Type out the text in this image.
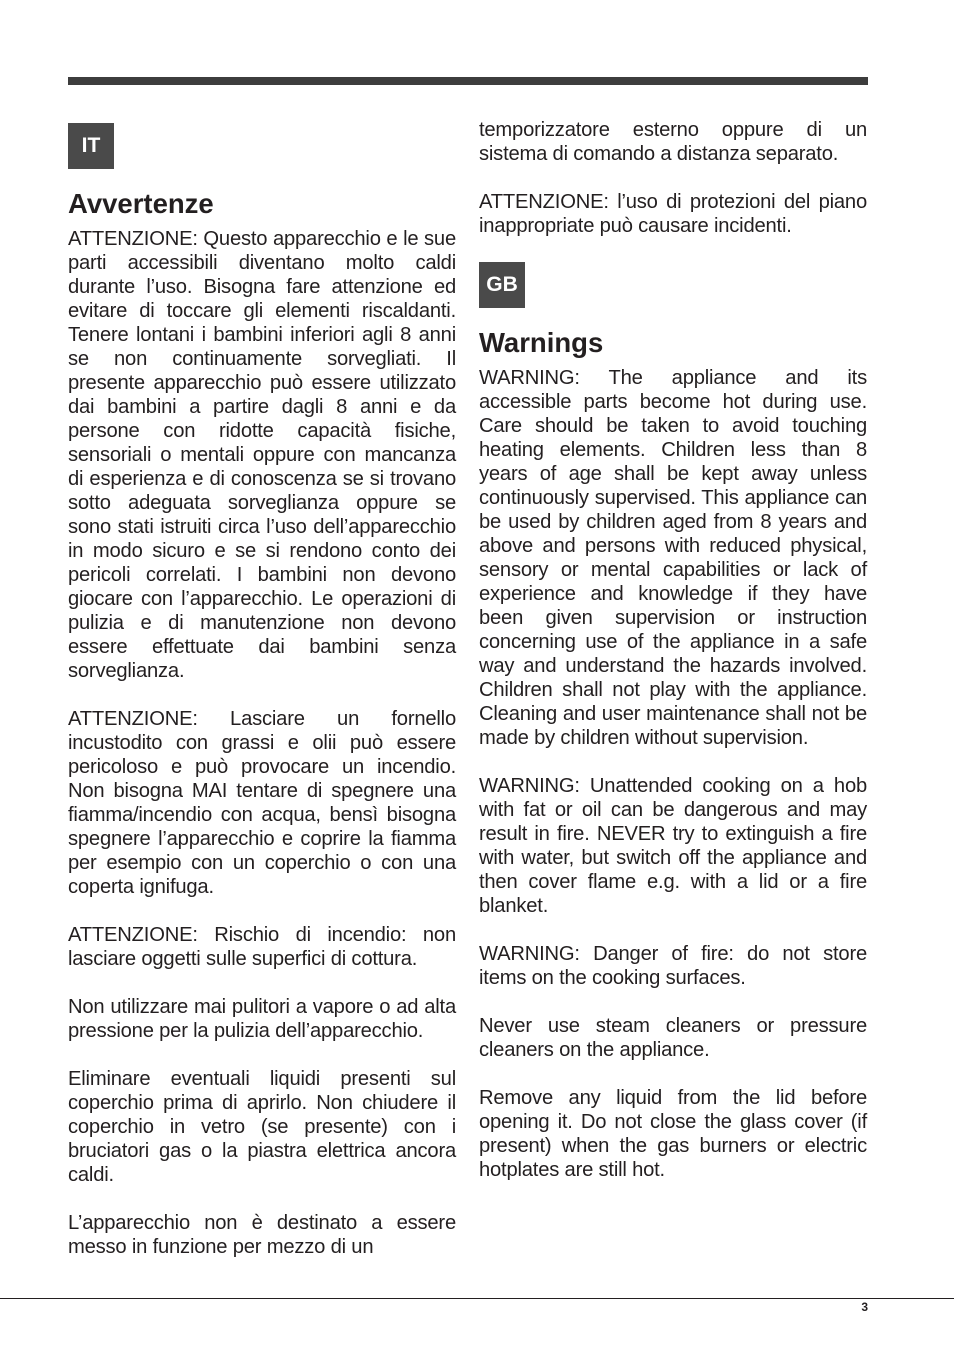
IT
Avvertenze

ATTENZIONE: Questo apparecchio e le sue parti accessibili diventano molto caldi durante l’uso. Bisogna fare attenzione ed evitare di toccare gli elementi riscaldanti. Tenere lontani i bambini inferiori agli 8 anni se non continuamente sorvegliati. Il presente apparecchio può essere utilizzato dai bambini a partire dagli 8 anni e da persone con ridotte capacità fisiche, sensoriali o mentali oppure con mancanza di esperienza e di conoscenza se si trovano sotto adeguata sorveglianza oppure se sono stati istruiti circa l’uso dell’apparecchio in modo sicuro e se si rendono conto dei pericoli correlati. I bambini non devono giocare con l’apparecchio. Le operazioni di pulizia e di manutenzione non devono essere effettuate dai bambini senza sorveglianza.

ATTENZIONE: Lasciare un fornello incustodito con grassi e olii può essere pericoloso e può provocare un incendio. Non bisogna MAI tentare di spegnere una fiamma/incendio con acqua, bensì bisogna spegnere l’apparecchio e coprire la fiamma per esempio con un coperchio o con una coperta ignifuga.

ATTENZIONE: Rischio di incendio: non lasciare oggetti sulle superfici di cottura.

Non utilizzare mai pulitori a vapore o ad alta pressione per la pulizia dell’apparecchio.

Eliminare eventuali liquidi presenti sul coperchio prima di aprirlo. Non chiudere il coperchio in vetro (se presente) con i bruciatori gas o la piastra elettrica ancora caldi.

L’apparecchio non è destinato a essere messo in funzione per mezzo di un

temporizzatore esterno oppure di un sistema di comando a distanza separato.

ATTENZIONE: l’uso di protezioni del piano inappropriate può causare incidenti.

GB
Warnings

WARNING: The appliance and its accessible parts become hot during use. Care should be taken to avoid touching heating elements. Children less than 8 years of age shall be kept away unless continuously supervised. This appliance can be used by children aged from 8 years and above and persons with reduced physical, sensory or mental capabilities or lack of experience and knowledge if they have been given supervision or instruction concerning use of the appliance in a safe way and understand the hazards involved. Children shall not play with the appliance. Cleaning and user maintenance shall not be made by children without supervision.

WARNING: Unattended cooking on a hob with fat or oil can be dangerous and may result in fire. NEVER try to extinguish a fire with water, but switch off the appliance and then cover flame e.g. with a lid or a fire blanket.

WARNING: Danger of fire: do not store items on the cooking surfaces.

Never use steam cleaners or pressure cleaners on the appliance.

Remove any liquid from the lid before opening it. Do not close the glass cover (if present) when the gas burners or electric hotplates are still hot.

3
